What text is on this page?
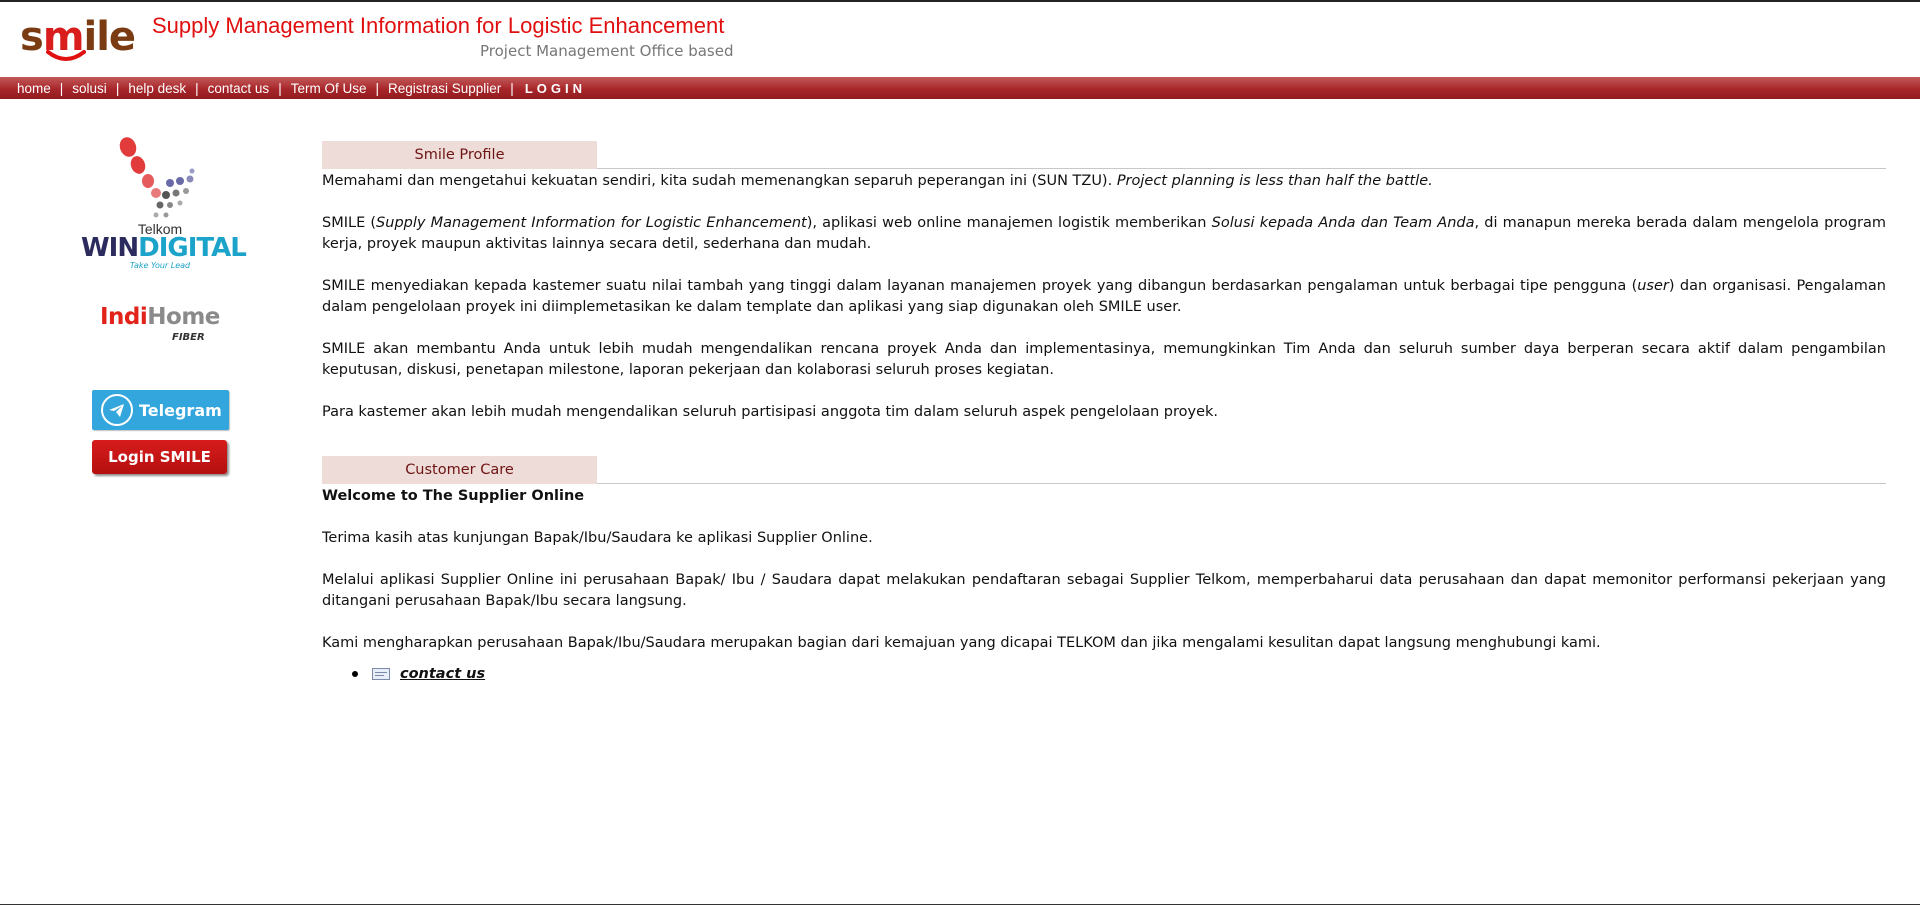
smile Supply Management Information for Logistic Enhancement
Project Management Office based
home | solusi | help desk | contact us | Term Of Use | Registrasi Supplier | LOGIN
Telkom
WINDIGITAL
Take Your Lead
IndiHome
FIBER
Telegram
Login SMILE
Smile Profile

Memahami dan mengetahui kekuatan sendiri, kita sudah memenangkan separuh peperangan ini (SUN TZU). Project planning is less than half the battle.

SMILE (Supply Management Information for Logistic Enhancement), aplikasi web online manajemen logistik memberikan Solusi kepada Anda dan Team Anda, di manapun mereka berada dalam mengelola program kerja, proyek maupun aktivitas lainnya secara detil, sederhana dan mudah.

SMILE menyediakan kepada kastemer suatu nilai tambah yang tinggi dalam layanan manajemen proyek yang dibangun berdasarkan pengalaman untuk berbagai tipe pengguna (user) dan organisasi. Pengalaman dalam pengelolaan proyek ini diimplemetasikan ke dalam template dan aplikasi yang siap digunakan oleh SMILE user.

SMILE akan membantu Anda untuk lebih mudah mengendalikan rencana proyek Anda dan implementasinya, memungkinkan Tim Anda dan seluruh sumber daya berperan secara aktif dalam pengambilan keputusan, diskusi, penetapan milestone, laporan pekerjaan dan kolaborasi seluruh proses kegiatan.

Para kastemer akan lebih mudah mengendalikan seluruh partisipasi anggota tim dalam seluruh aspek pengelolaan proyek.

Customer Care

Welcome to The Supplier Online

Terima kasih atas kunjungan Bapak/Ibu/Saudara ke aplikasi Supplier Online.

Melalui aplikasi Supplier Online ini perusahaan Bapak/ Ibu / Saudara dapat melakukan pendaftaran sebagai Supplier Telkom, memperbaharui data perusahaan dan dapat memonitor performansi pekerjaan yang ditangani perusahaan Bapak/Ibu secara langsung.

Kami mengharapkan perusahaan Bapak/Ibu/Saudara merupakan bagian dari kemajuan yang dicapai TELKOM dan jika mengalami kesulitan dapat langsung menghubungi kami.

contact us
